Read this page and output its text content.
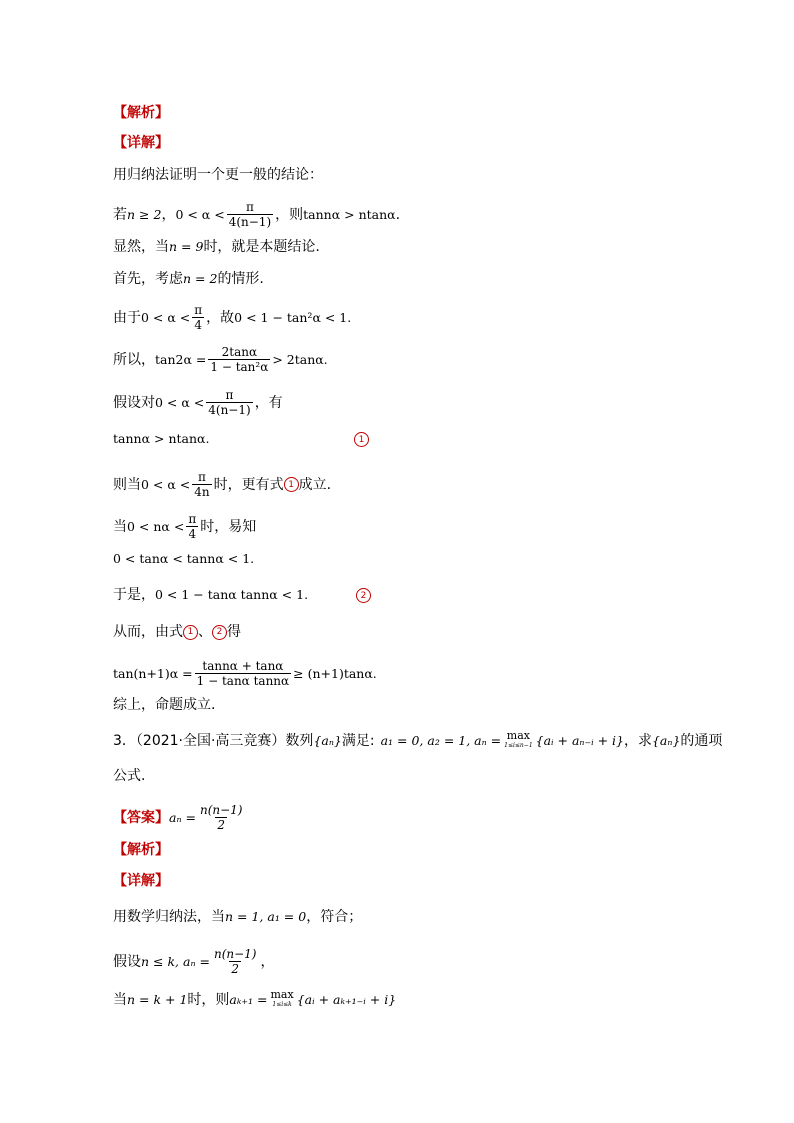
【解析】
【详解】
用归纳法证明一个更一般的结论：
若 n ≥ 2 ， $0 < \alpha < \frac{\pi}{4(n-1)}$ ，则 tannα > ntanα .
显然，当 n = 9 时，就是本题结论.
首先，考虑 n = 2 的情形.
由于 $0 < \alpha < \frac{\pi}{4}$ ，故 0 < 1 − tan²α < 1.
所以， $\tan 2\alpha = \frac{2\tan\alpha}{\text{1 − tan²α}} > 2\tan\alpha$.
假设对 $0 < \alpha < \frac{\pi}{4(n-1)}$ ，有
tannα > ntanα.	1
则当 $0 < \alpha < \frac{\pi}{4n}$ 时，更有式 1 成立.
当 $0 < n\alpha < \frac{\pi}{4}$ 时，易知
0 < tanα < tannα < 1.
于是， 0 < 1 − tanα tannα < 1.	2
从而，由式 1 、 2 得
$\tan(n+1)\alpha = \frac{\tan n\alpha + \tan\alpha}{\text{1 − tanα tannα}} \ge (n+1)\tan\alpha$.
综上，命题成立.
3．（2021·全国·高三竞赛）数列 {aₙ} 满足: a₁ = 0, a₂ = 1, aₙ = max
1≤i≤n−1 {aᵢ + aₙ₋ᵢ + i} ，求 {aₙ} 的通项
公式.
【答案】 $a_n = \frac{n(n-1)}{2}$
【解析】
【详解】
用数学归纳法，当 n = 1, a₁ = 0 ，符合；
假设 n ≤ k, $a_n = \frac{n(n-1)}{2}$ ，
当 n = k + 1 时，则 aₖ₊₁ = max
1≤i≤k {aᵢ + aₖ₊₁₋ᵢ + i}
